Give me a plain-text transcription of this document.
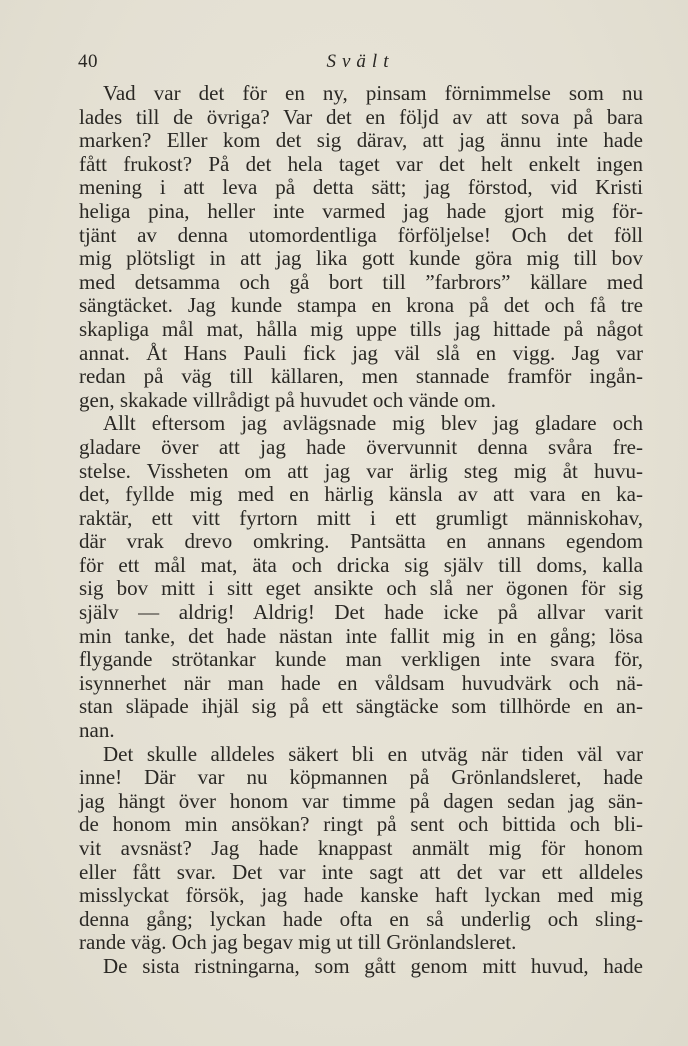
40	Svält
Vad var det för en ny, pinsam förnimmelse som nu
lades till de övriga? Var det en följd av att sova på bara
marken? Eller kom det sig därav, att jag ännu inte hade
fått frukost? På det hela taget var det helt enkelt ingen
mening i att leva på detta sätt; jag förstod, vid Kristi
heliga pina, heller inte varmed jag hade gjort mig för-
tjänt av denna utomordentliga förföljelse! Och det föll
mig plötsligt in att jag lika gott kunde göra mig till bov
med detsamma och gå bort till ”farbrors” källare med
sängtäcket. Jag kunde stampa en krona på det och få tre
skapliga mål mat, hålla mig uppe tills jag hittade på något
annat. Åt Hans Pauli fick jag väl slå en vigg. Jag var
redan på väg till källaren, men stannade framför ingån-
gen, skakade villrådigt på huvudet och vände om.
Allt eftersom jag avlägsnade mig blev jag gladare och
gladare över att jag hade övervunnit denna svåra fre-
stelse. Vissheten om att jag var ärlig steg mig åt huvu-
det, fyllde mig med en härlig känsla av att vara en ka-
raktär, ett vitt fyrtorn mitt i ett grumligt människohav,
där vrak drevo omkring. Pantsätta en annans egendom
för ett mål mat, äta och dricka sig själv till doms, kalla
sig bov mitt i sitt eget ansikte och slå ner ögonen för sig
själv — aldrig! Aldrig! Det hade icke på allvar varit
min tanke, det hade nästan inte fallit mig in en gång; lösa
flygande strötankar kunde man verkligen inte svara för,
isynnerhet när man hade en våldsam huvudvärk och nä-
stan släpade ihjäl sig på ett sängtäcke som tillhörde en an-
nan.
Det skulle alldeles säkert bli en utväg när tiden väl var
inne! Där var nu köpmannen på Grönlandsleret, hade
jag hängt över honom var timme på dagen sedan jag sän-
de honom min ansökan? ringt på sent och bittida och bli-
vit avsnäst? Jag hade knappast anmält mig för honom
eller fått svar. Det var inte sagt att det var ett alldeles
misslyckat försök, jag hade kanske haft lyckan med mig
denna gång; lyckan hade ofta en så underlig och sling-
rande väg. Och jag begav mig ut till Grönlandsleret.
De sista ristningarna, som gått genom mitt huvud, hade
